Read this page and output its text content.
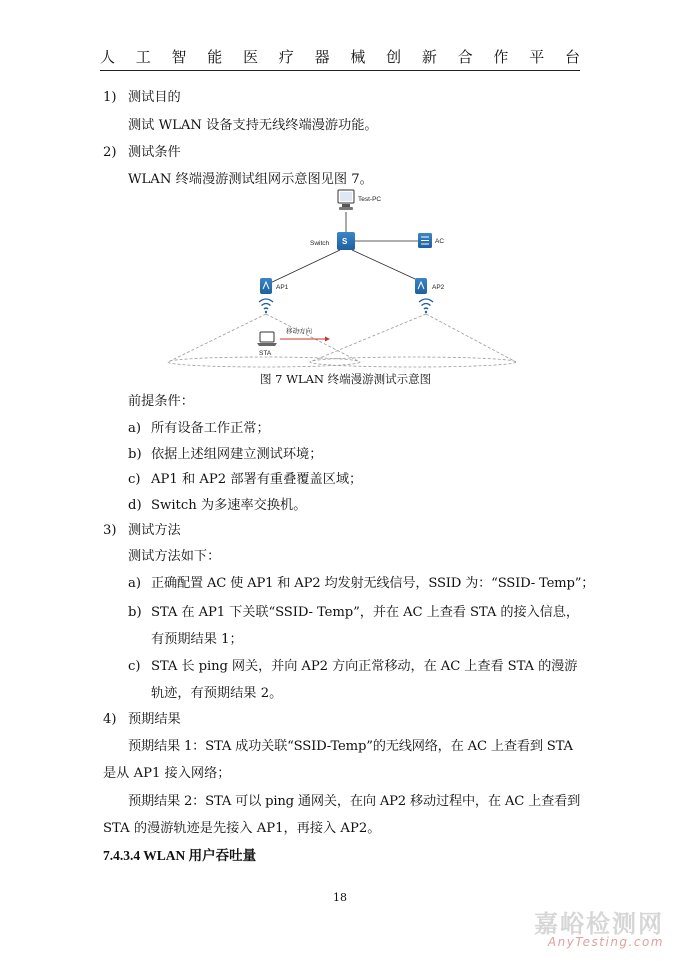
人 工 智 能 医 疗 器 械 创 新 合 作 平 台
1) 测试目的
测试 WLAN 设备支持无线终端漫游功能。
2) 测试条件
WLAN 终端漫游测试组网示意图见图 7。
Test-PC
S
Switch	AC
AP1	AP2
STA
移动方向
图 7 WLAN 终端漫游测试示意图
前提条件：
a) 所有设备工作正常；
b) 依据上述组网建立测试环境；
c) AP1 和 AP2 部署有重叠覆盖区域；
d) Switch 为多速率交换机。
3) 测试方法
测试方法如下：
a) 正确配置 AC 使 AP1 和 AP2 均发射无线信号，SSID 为：“SSID- Temp”；
b) STA 在 AP1 下关联“SSID- Temp”，并在 AC 上查看 STA 的接入信息，
有预期结果 1；
c) STA 长 ping 网关，并向 AP2 方向正常移动，在 AC 上查看 STA 的漫游
轨迹，有预期结果 2。
4) 预期结果
预期结果 1：STA 成功关联“SSID-Temp”的无线网络，在 AC 上查看到 STA
是从 AP1 接入网络；
预期结果 2：STA 可以 ping 通网关，在向 AP2 移动过程中，在 AC 上查看到
STA 的漫游轨迹是先接入 AP1，再接入 AP2。
7.4.3.4 WLAN 用户吞吐量
18
嘉峪检测网
AnyTesting.com
